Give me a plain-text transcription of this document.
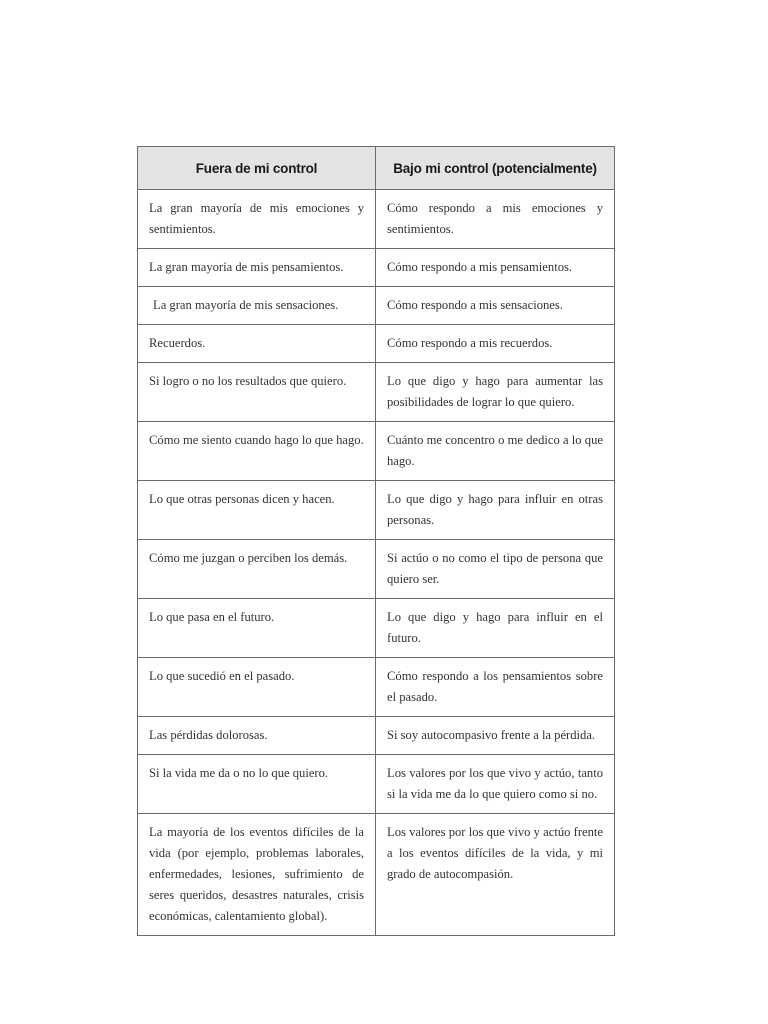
Fuera de mi control	Bajo mi control (potencialmente)
La gran mayoría de mis emociones y sentimientos.	Cómo respondo a mis emociones y sentimientos.
La gran mayoría de mis pensamientos.	Cómo respondo a mis pensamientos.
La gran mayoría de mis sensaciones.	Cómo respondo a mis sensaciones.
Recuerdos.	Cómo respondo a mis recuerdos.
Si logro o no los resultados que quiero.	Lo que digo y hago para aumentar las posibilidades de lograr lo que quiero.
Cómo me siento cuando hago lo que hago.	Cuánto me concentro o me dedico a lo que hago.
Lo que otras personas dicen y hacen.	Lo que digo y hago para influir en otras personas.
Cómo me juzgan o perciben los demás.	Si actúo o no como el tipo de persona que quiero ser.
Lo que pasa en el futuro.	Lo que digo y hago para influir en el futuro.
Lo que sucedió en el pasado.	Cómo respondo a los pensamientos sobre el pasado.
Las pérdidas dolorosas.	Si soy autocompasivo frente a la pérdida.
Si la vida me da o no lo que quiero.	Los valores por los que vivo y actúo, tanto si la vida me da lo que quiero como si no.
La mayoría de los eventos difíciles de la vida (por ejemplo, problemas laborales, enfermedades, lesiones, sufrimiento de seres queridos, desastres naturales, crisis económicas, calentamiento global).	Los valores por los que vivo y actúo frente a los eventos difíciles de la vida, y mi grado de autocompasión.
